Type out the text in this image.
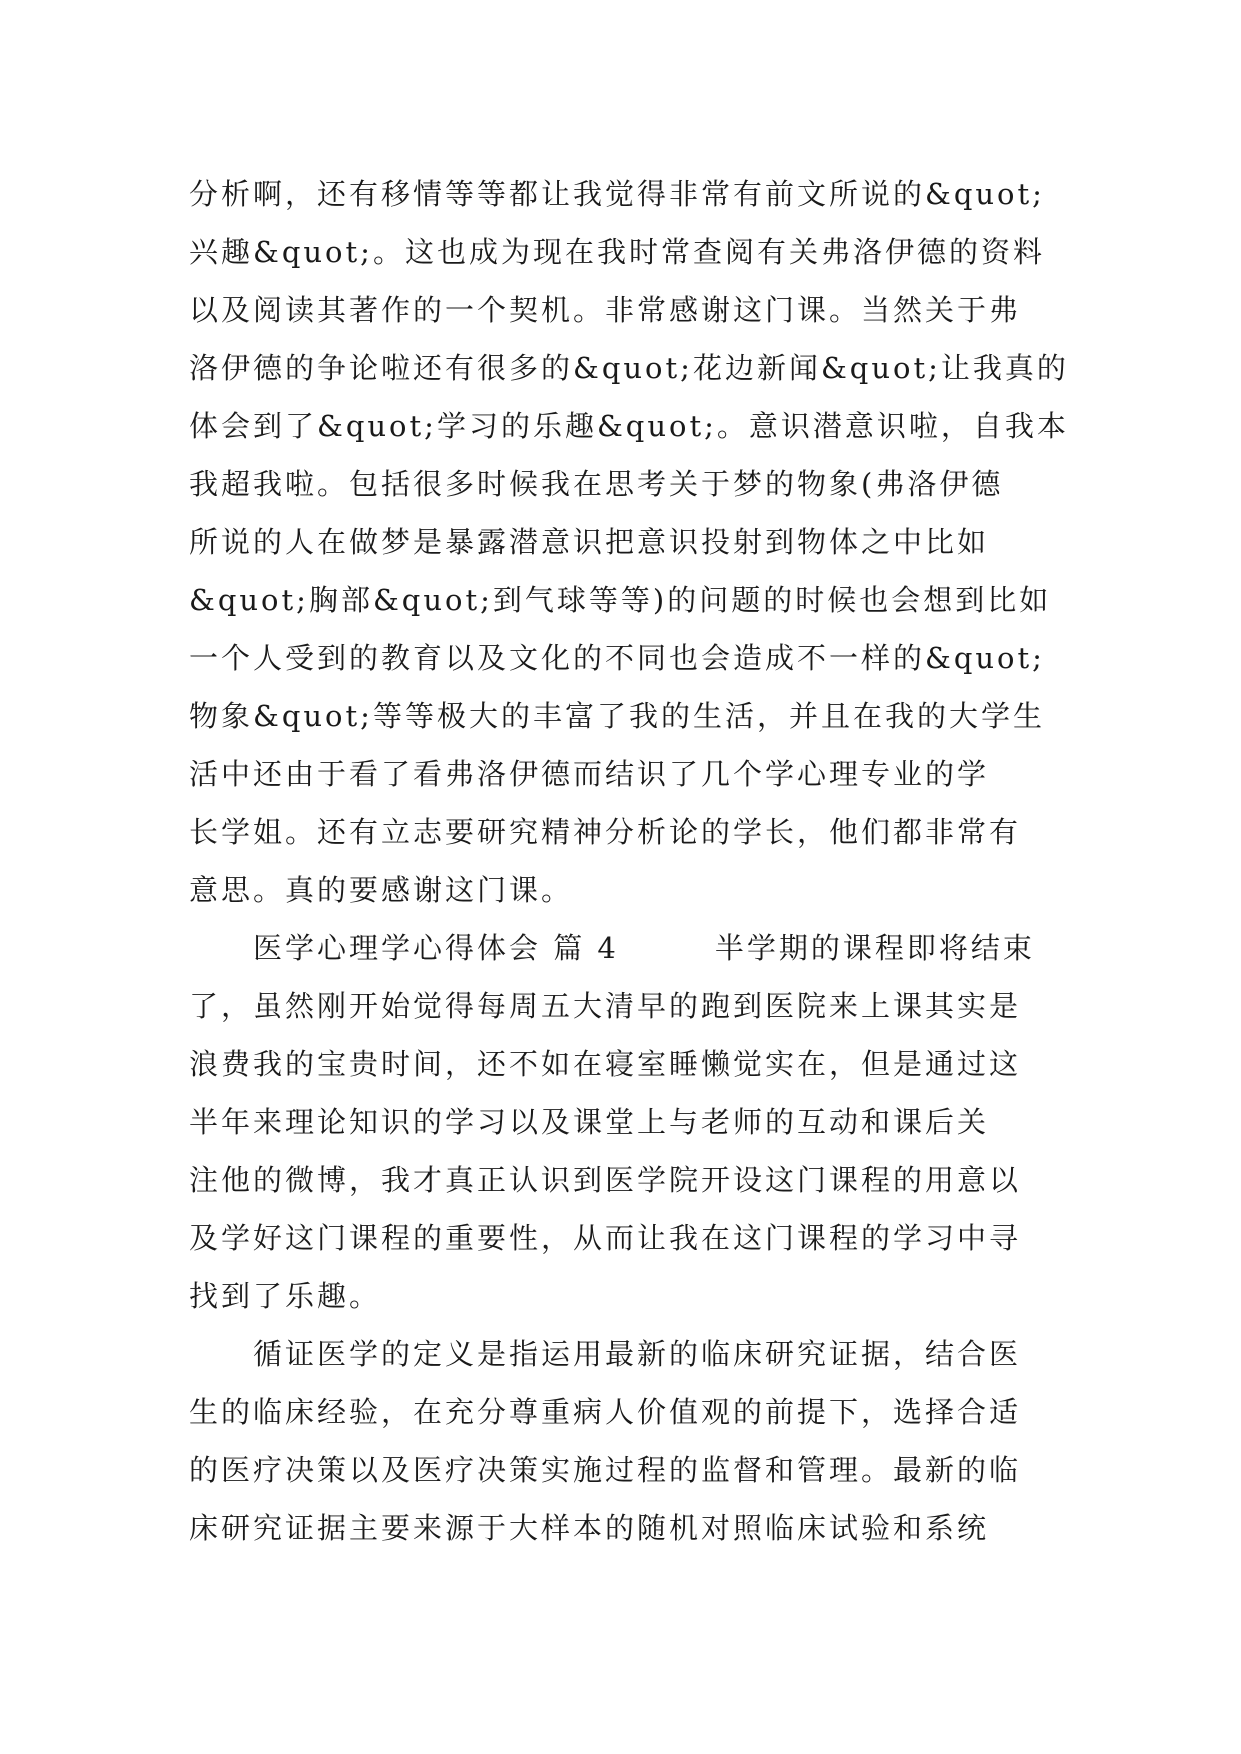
分析啊，还有移情等等都让我觉得非常有前文所说的&quot;
兴趣&quot;。这也成为现在我时常查阅有关弗洛伊德的资料
以及阅读其著作的一个契机。非常感谢这门课。当然关于弗
洛伊德的争论啦还有很多的&quot;花边新闻&quot;让我真的
体会到了&quot;学习的乐趣&quot;。意识潜意识啦，自我本
我超我啦。包括很多时候我在思考关于梦的物象(弗洛伊德
所说的人在做梦是暴露潜意识把意识投射到物体之中比如
&quot;胸部&quot;到气球等等)的问题的时候也会想到比如
一个人受到的教育以及文化的不同也会造成不一样的&quot;
物象&quot;等等极大的丰富了我的生活，并且在我的大学生
活中还由于看了看弗洛伊德而结识了几个学心理专业的学
长学姐。还有立志要研究精神分析论的学长，他们都非常有
意思。真的要感谢这门课。
　　医学心理学心得体会 篇 4　　　半学期的课程即将结束
了，虽然刚开始觉得每周五大清早的跑到医院来上课其实是
浪费我的宝贵时间，还不如在寝室睡懒觉实在，但是通过这
半年来理论知识的学习以及课堂上与老师的互动和课后关
注他的微博，我才真正认识到医学院开设这门课程的用意以
及学好这门课程的重要性，从而让我在这门课程的学习中寻
找到了乐趣。
　　循证医学的定义是指运用最新的临床研究证据，结合医
生的临床经验，在充分尊重病人价值观的前提下，选择合适
的医疗决策以及医疗决策实施过程的监督和管理。最新的临
床研究证据主要来源于大样本的随机对照临床试验和系统
